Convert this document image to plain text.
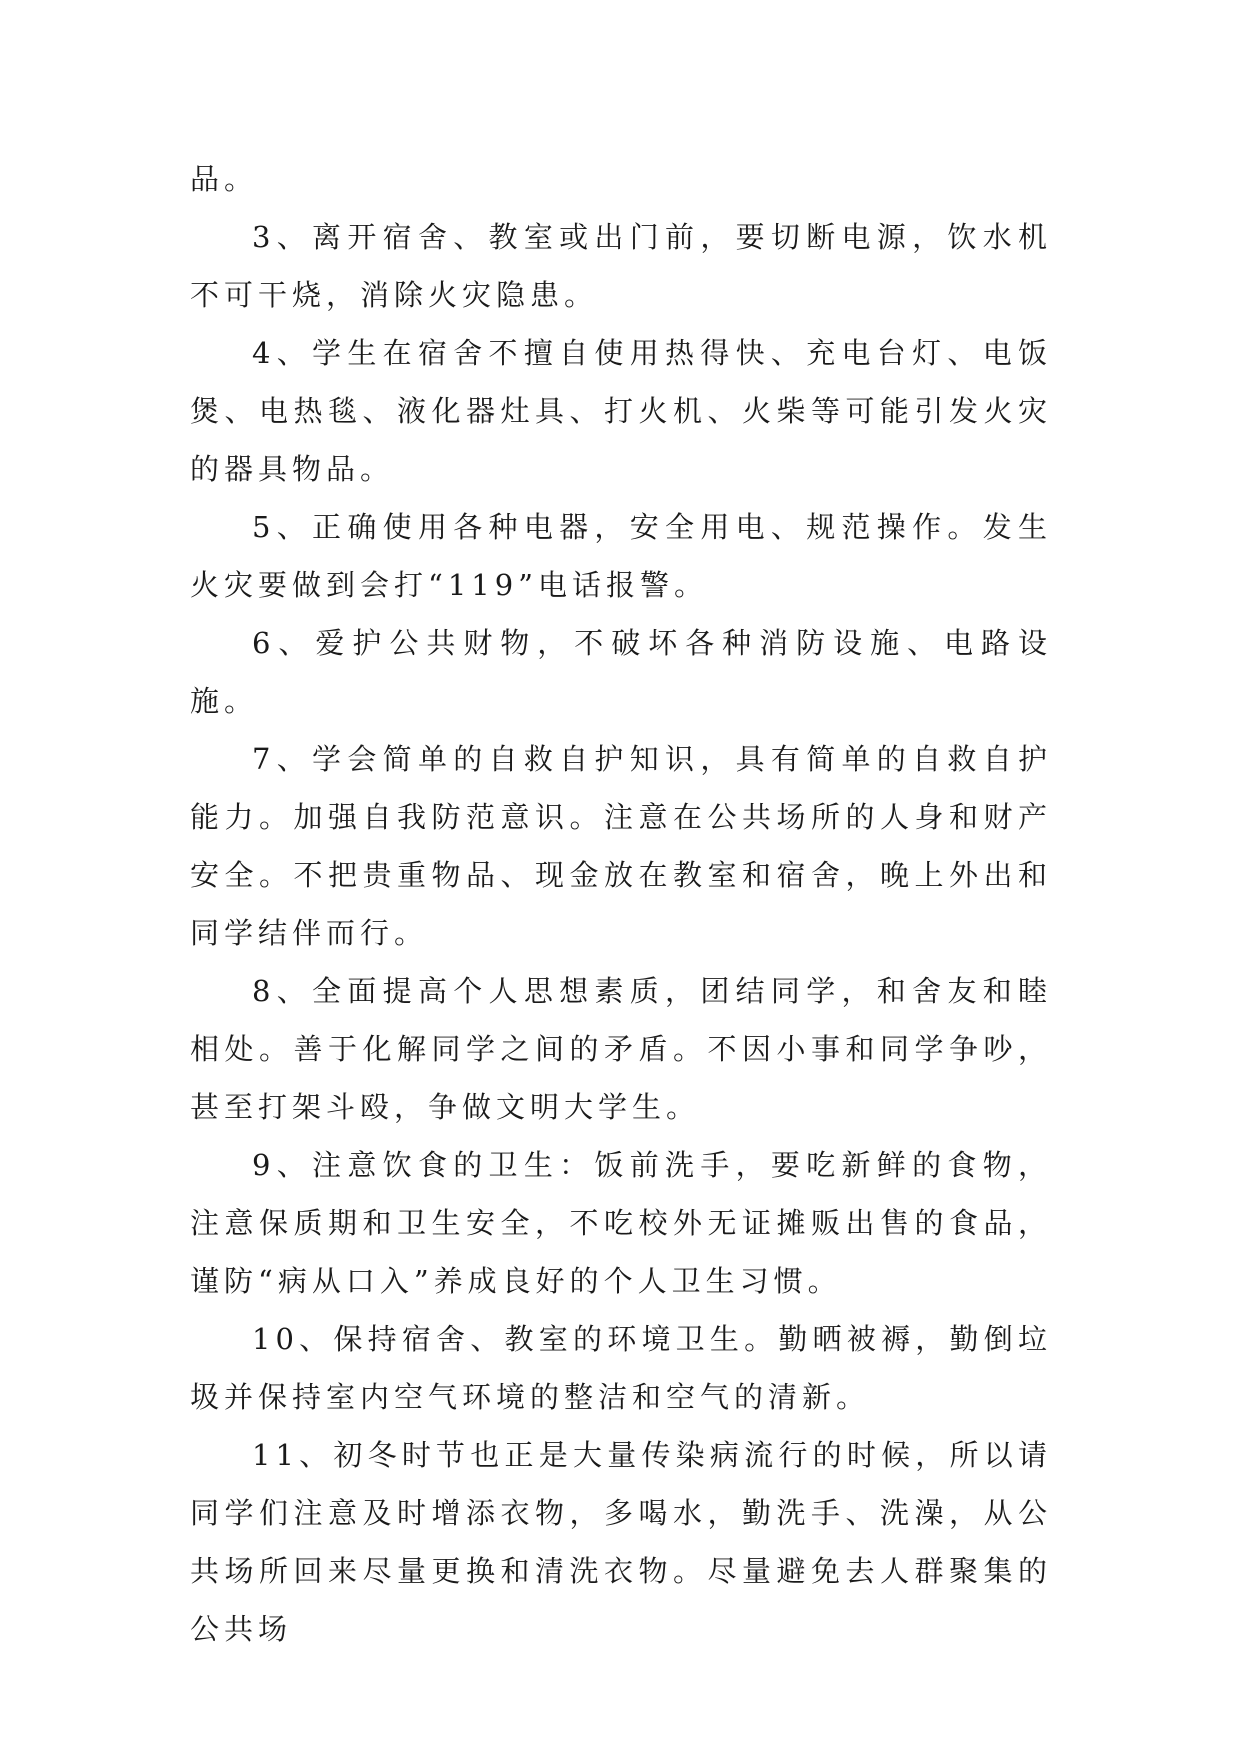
品。

3、离开宿舍、教室或出门前，要切断电源，饮水机不可干烧，消除火灾隐患。

4、学生在宿舍不擅自使用热得快、充电台灯、电饭煲、电热毯、液化器灶具、打火机、火柴等可能引发火灾的器具物品。

5、正确使用各种电器，安全用电、规范操作。发生火灾要做到会打“119”电话报警。

6、爱护公共财物，不破坏各种消防设施、电路设施。

7、学会简单的自救自护知识，具有简单的自救自护能力。加强自我防范意识。注意在公共场所的人身和财产安全。不把贵重物品、现金放在教室和宿舍，晚上外出和同学结伴而行。

8、全面提高个人思想素质，团结同学，和舍友和睦相处。善于化解同学之间的矛盾。不因小事和同学争吵，甚至打架斗殴，争做文明大学生。

9、注意饮食的卫生：饭前洗手，要吃新鲜的食物，注意保质期和卫生安全，不吃校外无证摊贩出售的食品，谨防“病从口入”养成良好的个人卫生习惯。

10、保持宿舍、教室的环境卫生。勤晒被褥，勤倒垃圾并保持室内空气环境的整洁和空气的清新。

11、初冬时节也正是大量传染病流行的时候，所以请同学们注意及时增添衣物，多喝水，勤洗手、洗澡，从公共场所回来尽量更换和清洗衣物。尽量避免去人群聚集的公共场
